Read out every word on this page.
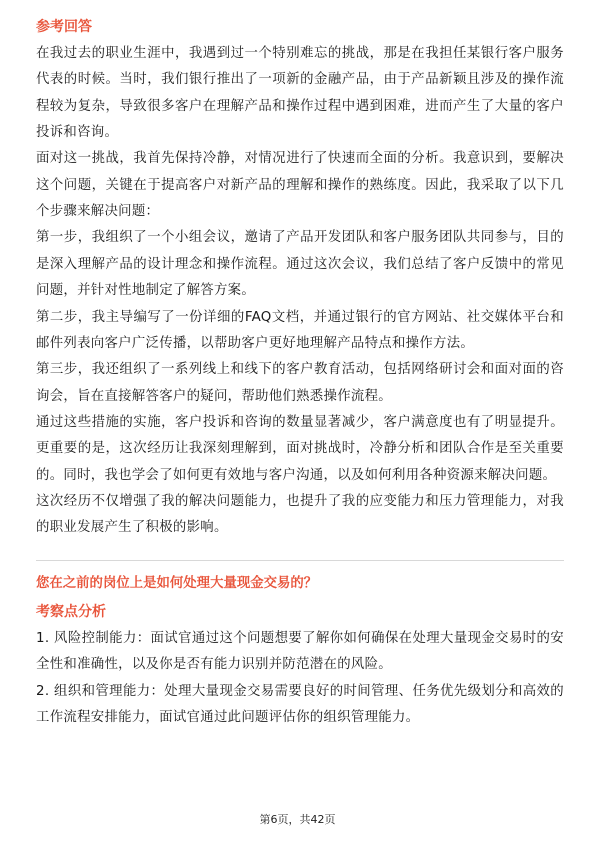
参考回答

在我过去的职业生涯中，我遇到过一个特别难忘的挑战，那是在我担任某银行客户服务代表的时候。当时，我们银行推出了一项新的金融产品，由于产品新颖且涉及的操作流程较为复杂，导致很多客户在理解产品和操作过程中遇到困难，进而产生了大量的客户投诉和咨询。

面对这一挑战，我首先保持冷静，对情况进行了快速而全面的分析。我意识到，要解决这个问题，关键在于提高客户对新产品的理解和操作的熟练度。因此，我采取了以下几个步骤来解决问题：

第一步，我组织了一个小组会议，邀请了产品开发团队和客户服务团队共同参与，目的是深入理解产品的设计理念和操作流程。通过这次会议，我们总结了客户反馈中的常见问题，并针对性地制定了解答方案。

第二步，我主导编写了一份详细的FAQ文档，并通过银行的官方网站、社交媒体平台和邮件列表向客户广泛传播，以帮助客户更好地理解产品特点和操作方法。

第三步，我还组织了一系列线上和线下的客户教育活动，包括网络研讨会和面对面的咨询会，旨在直接解答客户的疑问，帮助他们熟悉操作流程。

通过这些措施的实施，客户投诉和咨询的数量显著减少，客户满意度也有了明显提升。更重要的是，这次经历让我深刻理解到，面对挑战时，冷静分析和团队合作是至关重要的。同时，我也学会了如何更有效地与客户沟通，以及如何利用各种资源来解决问题。

这次经历不仅增强了我的解决问题能力，也提升了我的应变能力和压力管理能力，对我的职业发展产生了积极的影响。

您在之前的岗位上是如何处理大量现金交易的？
考察点分析

1. 风险控制能力：面试官通过这个问题想要了解你如何确保在处理大量现金交易时的安全性和准确性，以及你是否有能力识别并防范潜在的风险。

2. 组织和管理能力：处理大量现金交易需要良好的时间管理、任务优先级划分和高效的工作流程安排能力，面试官通过此问题评估你的组织管理能力。

第6页，共42页
